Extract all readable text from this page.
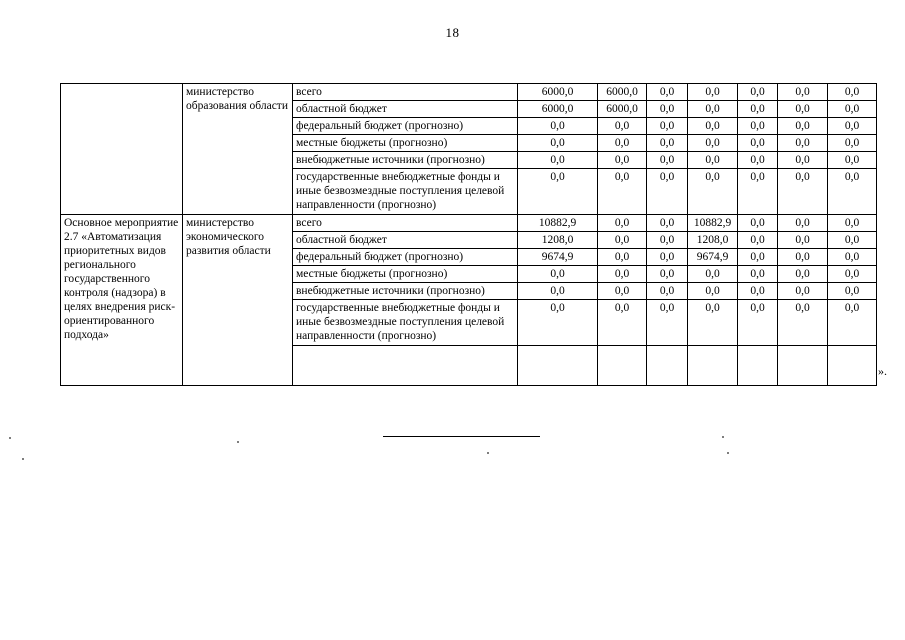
18
	министерство образования области	всего	6000,0	6000,0	0,0	0,0	0,0	0,0	0,0
		областной бюджет	6000,0	6000,0	0,0	0,0	0,0	0,0	0,0
		федеральный бюджет (прогнозно)	0,0	0,0	0,0	0,0	0,0	0,0	0,0
		местные бюджеты (прогнозно)	0,0	0,0	0,0	0,0	0,0	0,0	0,0
		внебюджетные источники (прогнозно)	0,0	0,0	0,0	0,0	0,0	0,0	0,0
		государственные внебюджетные фонды и иные безвозмездные поступления целевой направленности (прогнозно)	0,0	0,0	0,0	0,0	0,0	0,0	0,0
Основное мероприятие 2.7 «Автоматизация приоритетных видов регионального государственного контроля (надзора) в целях внедрения риск-ориентированного подхода»	министерство экономического развития области	всего	10882,9	0,0	0,0	10882,9	0,0	0,0	0,0
		областной бюджет	1208,0	0,0	0,0	1208,0	0,0	0,0	0,0
		федеральный бюджет (прогнозно)	9674,9	0,0	0,0	9674,9	0,0	0,0	0,0
		местные бюджеты (прогнозно)	0,0	0,0	0,0	0,0	0,0	0,0	0,0
		внебюджетные источники (прогнозно)	0,0	0,0	0,0	0,0	0,0	0,0	0,0
		государственные внебюджетные фонды и иные безвозмездные поступления целевой направленности (прогнозно)	0,0	0,0	0,0	0,0	0,0	0,0	0,0

».
